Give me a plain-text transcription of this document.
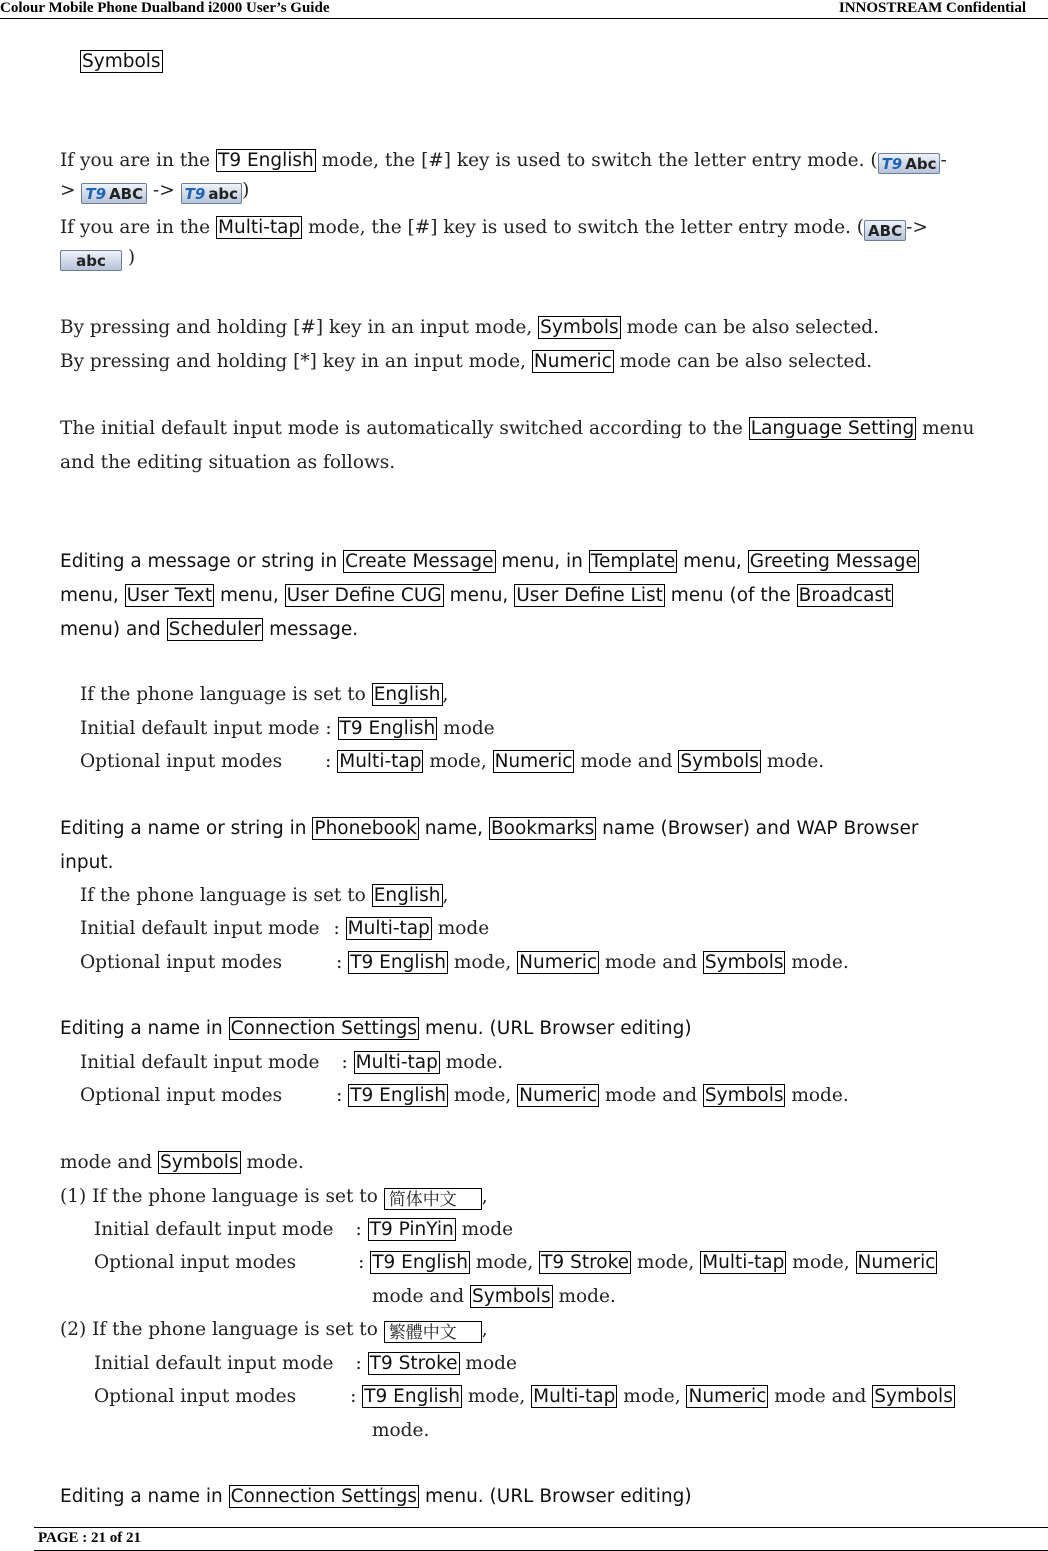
Colour Mobile Phone Dualband i2000 User’s Guide	INNOSTREAM Confidential
Symbols
If you are in the T9 English mode, the [#] key is used to switch the letter entry mode. ( T9 Abc -
> T9 ABC -> T9 abc )
If you are in the Multi-tap mode, the [#] key is used to switch the letter entry mode. ( ABC ->
abc )
By pressing and holding [#] key in an input mode, Symbols mode can be also selected.
By pressing and holding [*] key in an input mode, Numeric mode can be also selected.
The initial default input mode is automatically switched according to the Language Setting menu
and the editing situation as follows.
Editing a message or string in Create Message menu, in Template menu, Greeting Message
menu, User Text menu, User Define CUG menu, User Define List menu (of the Broadcast
menu) and Scheduler message.
If the phone language is set to English ,
Initial default input mode : T9 English mode
Optional input modes : Multi-tap mode, Numeric mode and Symbols mode.
Editing a name or string in Phonebook name, Bookmarks name (Browser) and WAP Browser
input.
If the phone language is set to English ,
Initial default input mode : Multi-tap mode
Optional input modes	: T9 English mode, Numeric mode and Symbols mode.
Editing a name in Connection Settings menu. (URL Browser editing)
Initial default input mode : Multi-tap mode.
Optional input modes	: T9 English mode, Numeric mode and Symbols mode.
mode and Symbols mode.
(1) If the phone language is set to 简体中文 ,
Initial default input mode : T9 PinYin mode
Optional input modes	: T9 English mode, T9 Stroke mode, Multi-tap mode, Numeric
mode and Symbols mode.
(2) If the phone language is set to 繁體中文 ,
Initial default input mode : T9 Stroke mode
Optional input modes	: T9 English mode, Multi-tap mode, Numeric mode and Symbols
mode.
Editing a name in Connection Settings menu. (URL Browser editing)
PAGE : 21 of 21
